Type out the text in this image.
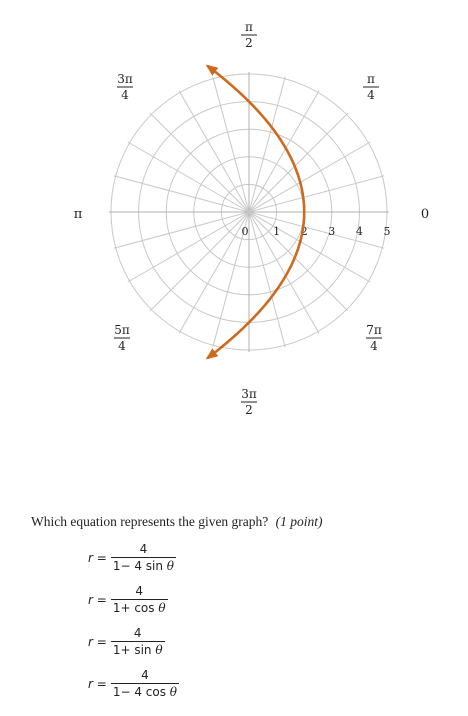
0 1 2 3 4 5
π
2
π
4
3π
4
π	0
5π
4
3π
2
7π
4
Which equation represents the given graph? (1 point)
$r = \frac{4}{\text{1− 4 sin θ}}$
$r = \frac{4}{\text{1+ cos θ}}$
$r = \frac{4}{\text{1+ sin θ}}$
$r = \frac{4}{\text{1− 4 cos θ}}$
